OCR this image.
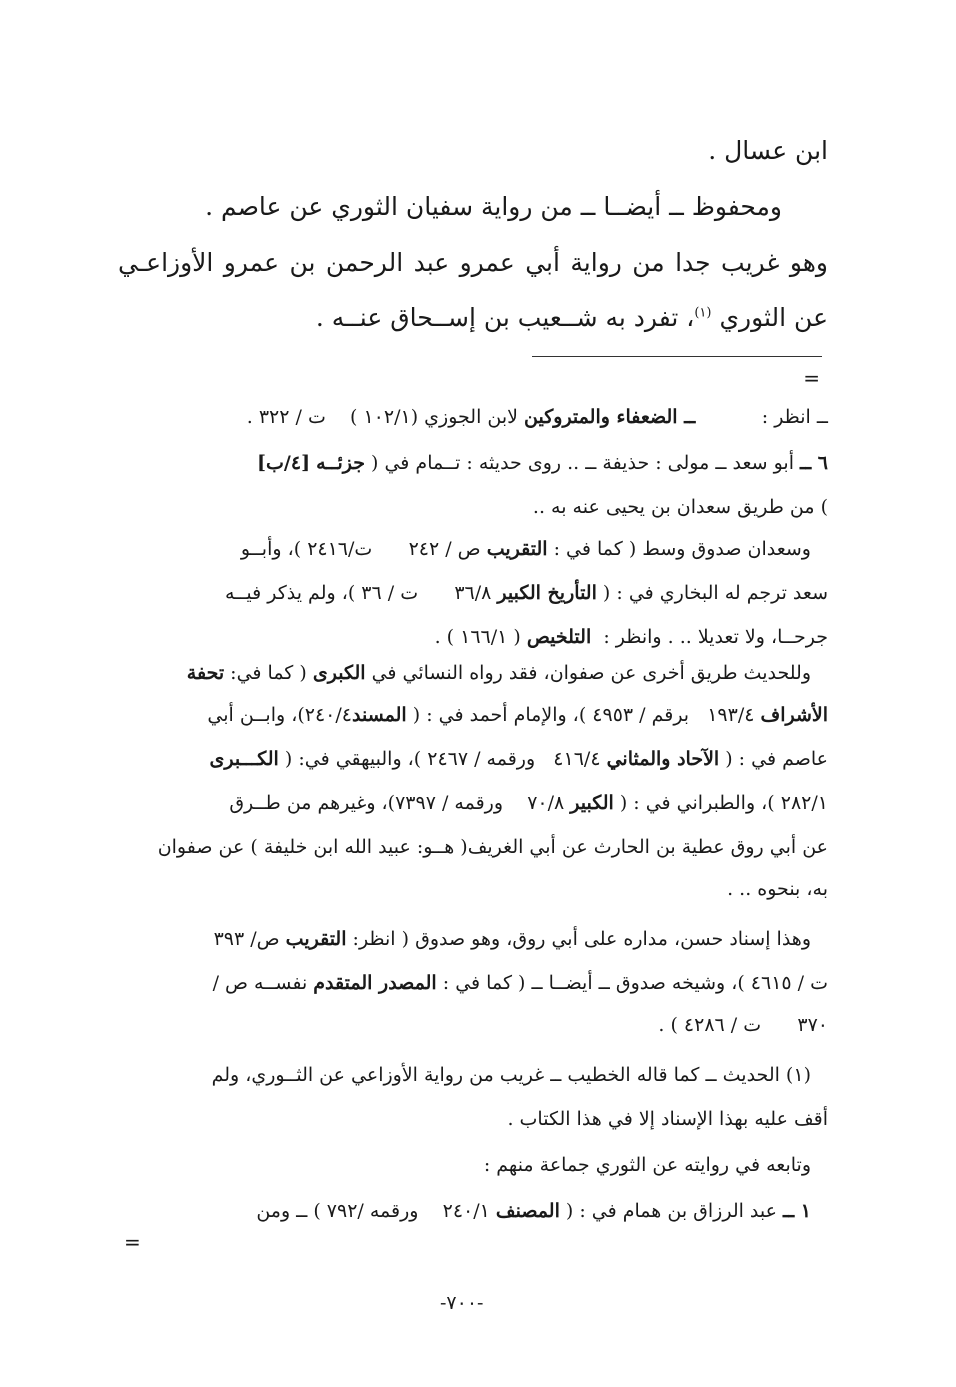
ابن عسال .
ومحفوظ ــ أيضــا ــ من رواية سفيان الثوري عن عاصم .
وهو غريب جدا من رواية أبي عمرو عبد الرحمن بن عمرو الأوزاعـي
عن الثوري $^{(١)}$، تفرد به شــعيب بن إســحاق عنــه .
=
ــ انظر :           ــ الضعفاء والمتروكين لابن الجوزي (١٠٢/١ )    ت / ٣٢٢ .
٦ ــ أبو سعد ــ مولى : حذيفة ــ .. روى حديثه : تــمام في ( جزئــه [٤/ب]
) من طريق سعدان بن يحيى عنه به ..
وسعدان صدوق وسط ( كما في : التقريب ص / ٢٤٢      ت/٢٤١٦ )، وأبــو
سعد ترجم له البخاري في : ( التأريخ الكبير ٣٦/٨      ت / ٣٦ )، ولم يذكر فيــه
جرحــا، ولا تعديلا .. . وانظر :  التلخيص ( ١٦٦/١ ) .
وللحديث طريق أخرى عن صفوان، فقد رواه النسائي في الكبرى ( كما في: تحفة
الأشراف ١٩٣/٤   برقم / ٤٩٥٣ )، والإمام أحمد في : ( المسند٢٤٠/٤)، وابــن أبي
عاصم في : ( الآحاد والمثاني ٤١٦/٤   ورقمه / ٢٤٦٧ )، والبيهقي في: ( الكـــبرى
٢٨٢/١ )، والطبراني في : ( الكبير ٧٠/٨    ورقمه / ٧٣٩٧)، وغيرهم من طــرق
عن أبي روق عطية بن الحارث عن أبي الغريف( هــو: عبيد الله ابن خليفة ) عن صفوان
به، بنحوه .. .
وهذا إسناد حسن، مداره على أبي روق، وهو صدوق ( انظر: التقريب ص/ ٣٩٣
ت / ٤٦١٥ )، وشيخه صدوق ــ أيضــا ــ ( كما في : المصدر المتقدم نفســه ص /
٣٧٠      ت / ٤٢٨٦ ) .
(١) الحديث ــ كما قاله الخطيب ــ غريب من رواية الأوزاعي عن الثــوري، ولم
أقف عليه بهذا الإسناد إلا في هذا الكتاب .
وتابعه في روايته عن الثوري جماعة منهم :
١ ــ عبد الرزاق بن همام في : ( المصنف ٢٤٠/١    ورقمه /٧٩٢ ) ــ ومن
=
-٧٠٠-
